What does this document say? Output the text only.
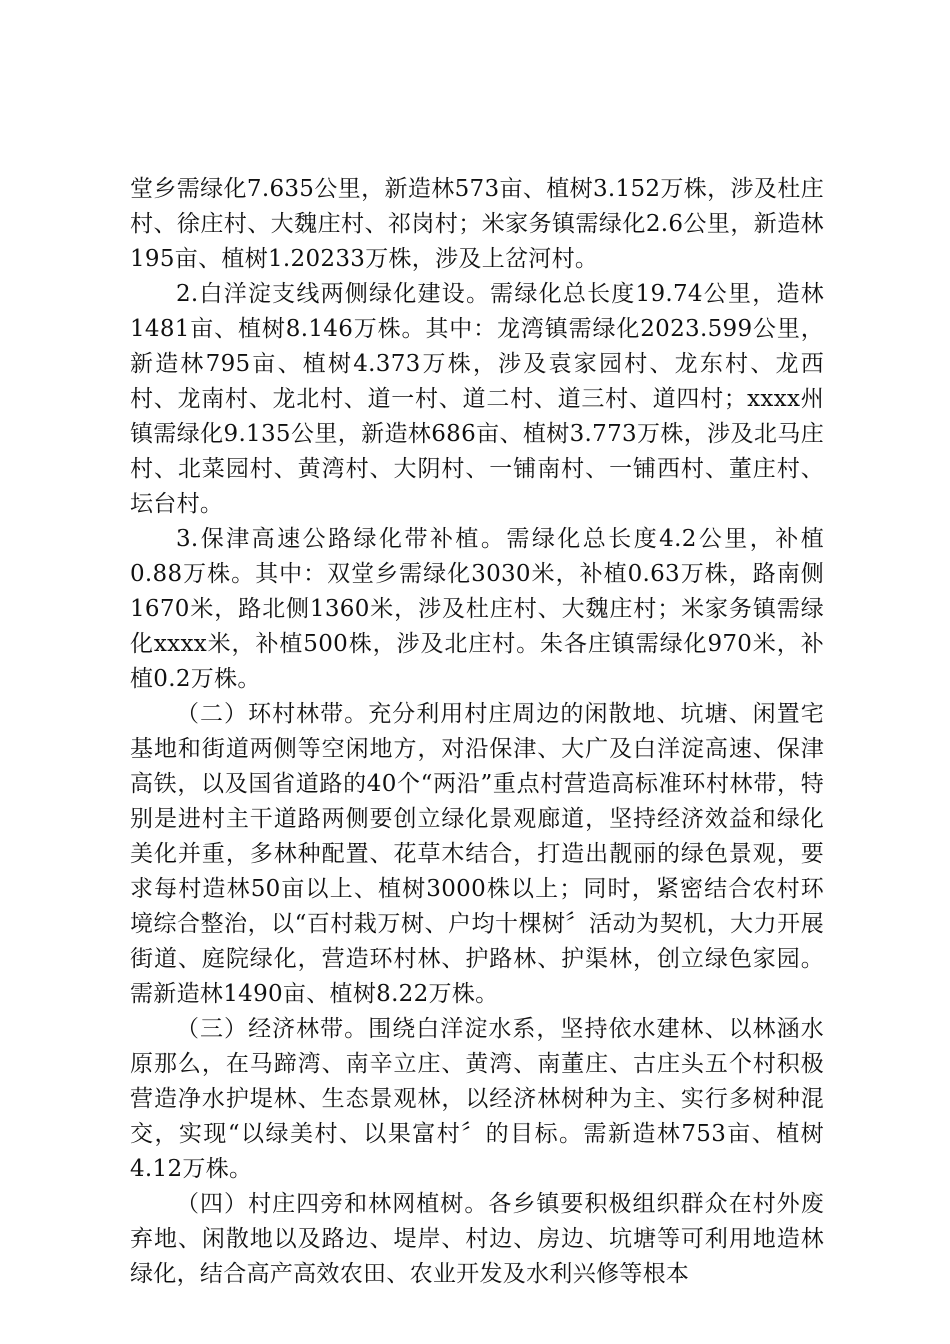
堂乡需绿化7.635公里，新造林573亩、植树3.152万株，涉及杜庄村、徐庄村、大魏庄村、祁岗村；米家务镇需绿化2.6公里，新造林195亩、植树1.20233万株，涉及上岔河村。

2.白洋淀支线两侧绿化建设。需绿化总长度19.74公里，造林1481亩、植树8.146万株。其中：龙湾镇需绿化2023.599公里，新造林795亩、植树4.373万株，涉及袁家园村、龙东村、龙西村、龙南村、龙北村、道一村、道二村、道三村、道四村；xxxx州镇需绿化9.135公里，新造林686亩、植树3.773万株，涉及北马庄村、北菜园村、黄湾村、大阴村、一铺南村、一铺西村、董庄村、坛台村。

3.保津高速公路绿化带补植。需绿化总长度4.2公里，补植0.88万株。其中：双堂乡需绿化3030米，补植0.63万株，路南侧1670米，路北侧1360米，涉及杜庄村、大魏庄村；米家务镇需绿化xxxx米，补植500株，涉及北庄村。朱各庄镇需绿化970米，补植0.2万株。

（二）环村林带。充分利用村庄周边的闲散地、坑塘、闲置宅基地和街道两侧等空闲地方，对沿保津、大广及白洋淀高速、保津高铁，以及国省道路的40个“两沿”重点村营造高标准环村林带，特别是进村主干道路两侧要创立绿化景观廊道，坚持经济效益和绿化美化并重，多林种配置、花草木结合，打造出靓丽的绿色景观，要求每村造林50亩以上、植树3000株以上；同时，紧密结合农村环境综合整治，以“百村栽万树、户均十棵树〞活动为契机，大力开展街道、庭院绿化，营造环村林、护路林、护渠林，创立绿色家园。需新造林1490亩、植树8.22万株。

（三）经济林带。围绕白洋淀水系，坚持依水建林、以林涵水原那么，在马蹄湾、南辛立庄、黄湾、南董庄、古庄头五个村积极营造净水护堤林、生态景观林，以经济林树种为主、实行多树种混交，实现“以绿美村、以果富村〞的目标。需新造林753亩、植树4.12万株。

（四）村庄四旁和林网植树。各乡镇要积极组织群众在村外废弃地、闲散地以及路边、堤岸、村边、房边、坑塘等可利用地造林绿化，结合高产高效农田、农业开发及水利兴修等根本
